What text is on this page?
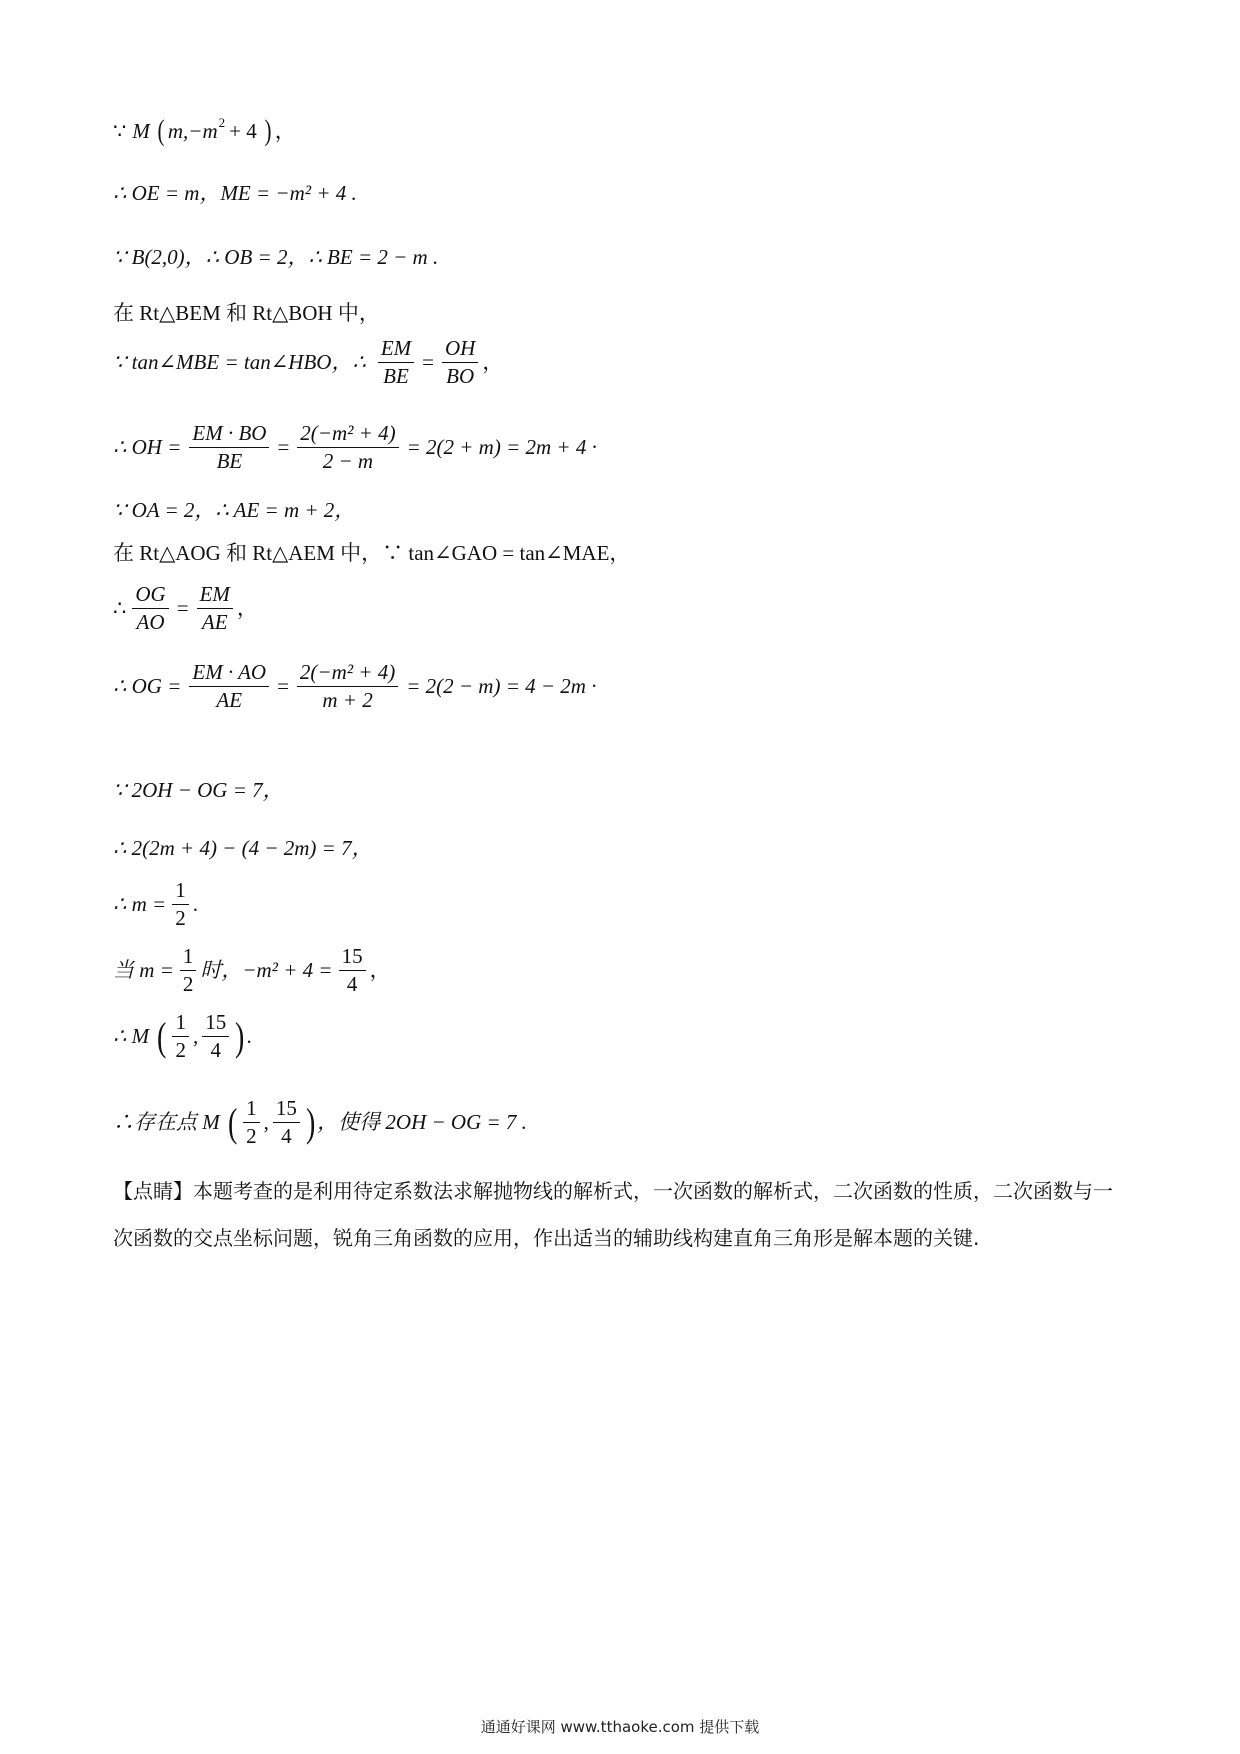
∵ M ( m,−m 2 + 4 ) ，
∴ OE = m，ME = −m² + 4 .
∵ B(2,0)，∴ OB = 2，∴ BE = 2 − m .
在 Rt△BEM 和 Rt△BOH 中，
∵ tan∠MBE = tan∠HBO，∴ $\frac{EM}{BE} = \frac{OH}{BO}$ ，
∴ OH = $\frac{EM \cdot BO}{BE} = \frac{\text{2(−m² + 4)}}{2 - m} = 2(2 + m) = 2m + 4$ ·
∵ OA = 2，∴ AE = m + 2，
在 Rt△AOG 和 Rt△AEM 中，∵ tan∠GAO = tan∠MAE，
∴ $\frac{OG}{AO} = \frac{EM}{AE}$ ，
∴ OG = $\frac{EM \cdot AO}{AE} = \frac{\text{2(−m² + 4)}}{m + 2} = 2(2 - m) = 4 - 2m$ ·
∵ 2OH − OG = 7，
∴ 2(2m + 4) − (4 − 2m) = 7，
∴ $m = \frac{1}{2}$ .
当 $m = \frac{1}{2}$ 时，$-m^2 + 4 = \frac{15}{4}$ ，
∴ M ( $\frac{1}{2}$ , $\frac{15}{4}$ ) .
∴存在点 M ( $\frac{1}{2}$ , $\frac{15}{4}$ ) ，使得 2OH − OG = 7 .
【点睛】本题考查的是利用待定系数法求解抛物线的解析式，一次函数的解析式，二次函数的性质，二次函数与一次函数的交点坐标问题，锐角三角函数的应用，作出适当的辅助线构建直角三角形是解本题的关键.
通通好课网 www.tthaoke.com 提供下载
